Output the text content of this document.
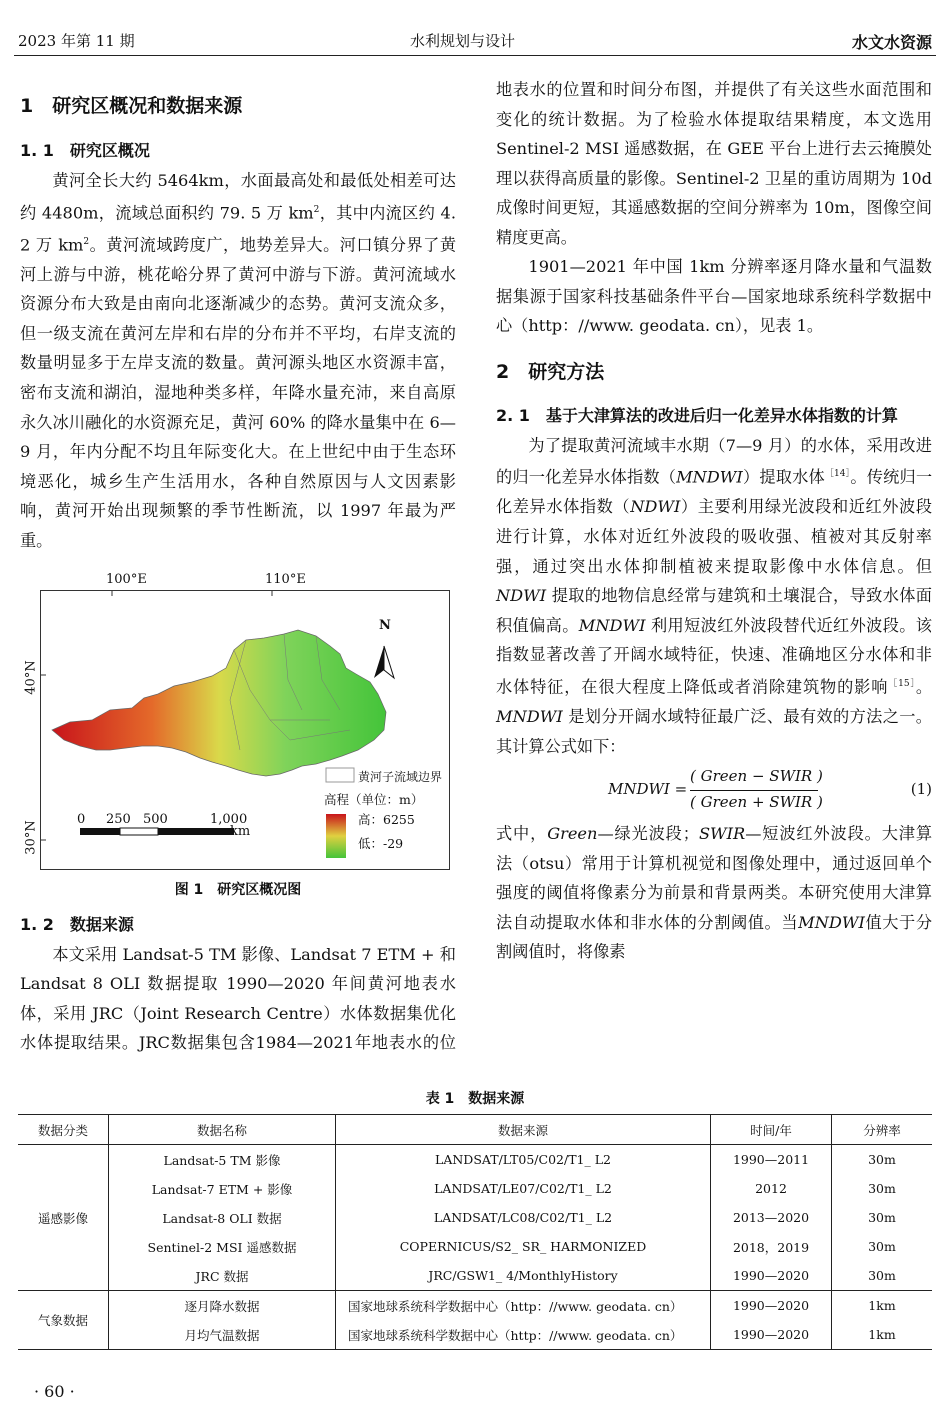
2023 年第 11 期	水利规划与设计	水文水资源
1　研究区概况和数据来源
1. 1　研究区概况

黄河全长大约 5464km，水面最高处和最低处相差可达约 4480m，流域总面积约 79. 5 万 $km^2$，其中内流区约 4. 2 万 $km^2$。黄河流域跨度广，地势差异大。河口镇分界了黄河上游与中游，桃花峪分界了黄河中游与下游。黄河流域水资源分布大致是由南向北逐渐减少的态势。黄河支流众多，但一级支流在黄河左岸和右岸的分布并不平均，右岸支流的数量明显多于左岸支流的数量。黄河源头地区水资源丰富，密布支流和湖泊，湿地种类多样，年降水量充沛，来自高原永久冰川融化的水资源充足，黄河 60% 的降水量集中在 6—9 月，年内分配不均且年际变化大。在上世纪中由于生态环境恶化，城乡生产生活用水，各种自然原因与人文因素影响，黄河开始出现频繁的季节性断流，以 1997 年最为严重。

100°E	110°E
40°N
30°N
N
0 250 500	1,000
km
黄河子流域边界
高程（单位：m）
高：6255
低：-29
图 1　研究区概况图
1. 2　数据来源

本文采用 Landsat-5 TM 影像、Landsat 7 ETM + 和 Landsat 8 OLI 数据提取 1990—2020 年间黄河地表水体，采用 JRC（Joint Research Centre）水体数据集优化水体提取结果。JRC数据集包含1984—2021年地表水的位

地表水的位置和时间分布图，并提供了有关这些水面范围和变化的统计数据。为了检验水体提取结果精度，本文选用 Sentinel-2 MSI 遥感数据，在 GEE 平台上进行去云掩膜处理以获得高质量的影像。Sentinel-2 卫星的重访周期为 10d 成像时间更短，其遥感数据的空间分辨率为 10m，图像空间精度更高。

1901—2021 年中国 1km 分辨率逐月降水量和气温数据集源于国家科技基础条件平台—国家地球系统科学数据中心（http：//www. geodata. cn），见表 1。

2　研究方法
2. 1　基于大津算法的改进后归一化差异水体指数的计算

为了提取黄河流域丰水期（7—9 月）的水体，采用改进的归一化差异水体指数（MNDWI）提取水体$^{[14]}$。传统归一化差异水体指数（NDWI）主要利用绿光波段和近红外波段进行计算，水体对近红外波段的吸收强、植被对其反射率强，通过突出水体抑制植被来提取影像中水体信息。但 NDWI 提取的地物信息经常与建筑和土壤混合，导致水体面积值偏高。MNDWI 利用短波红外波段替代近红外波段。该指数显著改善了开阔水域特征，快速、准确地区分水体和非水体特征，在很大程度上降低或者消除建筑物的影响$^{[15]}$。MNDWI 是划分开阔水域特征最广泛、最有效的方法之一。其计算公式如下：

MNDWI =
( Green − SWIR )
( Green + SWIR )
(1)

式中，Green—绿光波段；SWIR—短波红外波段。大津算法（otsu）常用于计算机视觉和图像处理中，通过返回单个强度的阈值将像素分为前景和背景两类。本研究使用大津算法自动提取水体和非水体的分割阈值。当MNDWI值大于分割阈值时，将像素

表 1　数据来源
数据分类	数据名称	数据来源	时间/年	分辨率
遥感影像	Landsat-5 TM 影像	LANDSAT/LT05/C02/T1_ L2	1990—2011	30m
	Landsat-7 ETM + 影像	LANDSAT/LE07/C02/T1_ L2	2012	30m
	Landsat-8 OLI 数据	LANDSAT/LC08/C02/T1_ L2	2013—2020	30m
	Sentinel-2 MSI 遥感数据	COPERNICUS/S2_ SR_ HARMONIZED	2018，2019	30m
	JRC 数据	JRC/GSW1_ 4/MonthlyHistory	1990—2020	30m
气象数据	逐月降水数据	国家地球系统科学数据中心（http：//www. geodata. cn）	1990—2020	1km
	月均气温数据	国家地球系统科学数据中心（http：//www. geodata. cn）	1990—2020	1km
· 60 ·
